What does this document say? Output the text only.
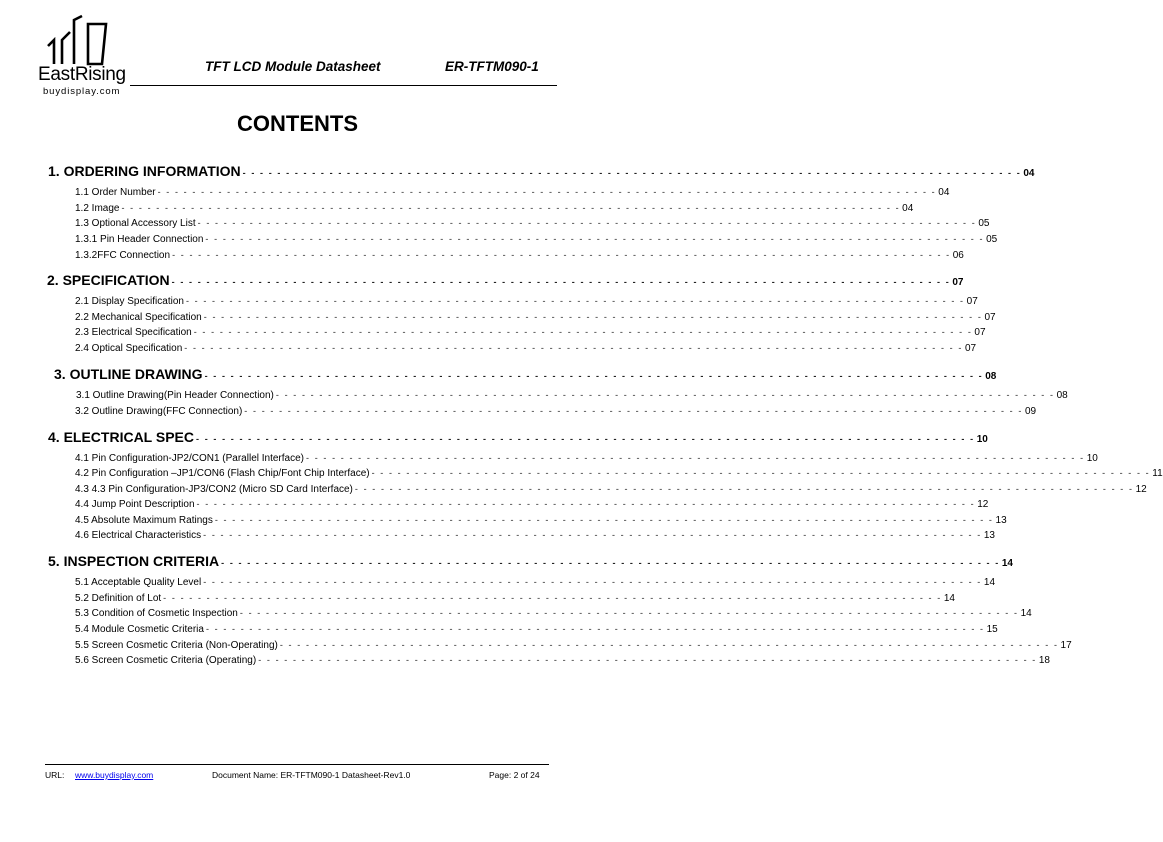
EastRising
buydisplay.com
TFT LCD Module Datasheet	ER-TFTM090-1
CONTENTS
1. ORDERING INFORMATION - - - - - - - - - - - - - - - - - - - - - - - - - - - - - - - - - - - - - - - - - - - - - - - - - - - - - - - - - - - - - - - - - - - - - - - - - - - - - - - - - - - - - - - - - - 04
1.1 Order Number - - - - - - - - - - - - - - - - - - - - - - - - - - - - - - - - - - - - - - - - - - - - - - - - - - - - - - - - - - - - - - - - - - - - - - - - - - - - - - - - - - - - - - - - - - 04
1.2 Image - - - - - - - - - - - - - - - - - - - - - - - - - - - - - - - - - - - - - - - - - - - - - - - - - - - - - - - - - - - - - - - - - - - - - - - - - - - - - - - - - - - - - - - - - - 04
1.3 Optional Accessory List - - - - - - - - - - - - - - - - - - - - - - - - - - - - - - - - - - - - - - - - - - - - - - - - - - - - - - - - - - - - - - - - - - - - - - - - - - - - - - - - - - - - - - - - - - 05
1.3.1 Pin Header Connection - - - - - - - - - - - - - - - - - - - - - - - - - - - - - - - - - - - - - - - - - - - - - - - - - - - - - - - - - - - - - - - - - - - - - - - - - - - - - - - - - - - - - - - - - - 05
1.3.2FFC Connection - - - - - - - - - - - - - - - - - - - - - - - - - - - - - - - - - - - - - - - - - - - - - - - - - - - - - - - - - - - - - - - - - - - - - - - - - - - - - - - - - - - - - - - - - - 06
2. SPECIFICATION - - - - - - - - - - - - - - - - - - - - - - - - - - - - - - - - - - - - - - - - - - - - - - - - - - - - - - - - - - - - - - - - - - - - - - - - - - - - - - - - - - - - - - - - - - 07
2.1 Display Specification - - - - - - - - - - - - - - - - - - - - - - - - - - - - - - - - - - - - - - - - - - - - - - - - - - - - - - - - - - - - - - - - - - - - - - - - - - - - - - - - - - - - - - - - - - 07
2.2 Mechanical Specification - - - - - - - - - - - - - - - - - - - - - - - - - - - - - - - - - - - - - - - - - - - - - - - - - - - - - - - - - - - - - - - - - - - - - - - - - - - - - - - - - - - - - - - - - - 07
2.3 Electrical Specification - - - - - - - - - - - - - - - - - - - - - - - - - - - - - - - - - - - - - - - - - - - - - - - - - - - - - - - - - - - - - - - - - - - - - - - - - - - - - - - - - - - - - - - - - - 07
2.4 Optical Specification - - - - - - - - - - - - - - - - - - - - - - - - - - - - - - - - - - - - - - - - - - - - - - - - - - - - - - - - - - - - - - - - - - - - - - - - - - - - - - - - - - - - - - - - - - 07
3. OUTLINE DRAWING - - - - - - - - - - - - - - - - - - - - - - - - - - - - - - - - - - - - - - - - - - - - - - - - - - - - - - - - - - - - - - - - - - - - - - - - - - - - - - - - - - - - - - - - - - 08
3.1 Outline Drawing(Pin Header Connection) - - - - - - - - - - - - - - - - - - - - - - - - - - - - - - - - - - - - - - - - - - - - - - - - - - - - - - - - - - - - - - - - - - - - - - - - - - - - - - - - - - - - - - - - - - 08
3.2 Outline Drawing(FFC Connection) - - - - - - - - - - - - - - - - - - - - - - - - - - - - - - - - - - - - - - - - - - - - - - - - - - - - - - - - - - - - - - - - - - - - - - - - - - - - - - - - - - - - - - - - - - 09
4. ELECTRICAL SPEC - - - - - - - - - - - - - - - - - - - - - - - - - - - - - - - - - - - - - - - - - - - - - - - - - - - - - - - - - - - - - - - - - - - - - - - - - - - - - - - - - - - - - - - - - - 10
4.1 Pin Configuration-JP2/CON1 (Parallel Interface) - - - - - - - - - - - - - - - - - - - - - - - - - - - - - - - - - - - - - - - - - - - - - - - - - - - - - - - - - - - - - - - - - - - - - - - - - - - - - - - - - - - - - - - - - - 10
4.2 Pin Configuration –JP1/CON6 (Flash Chip/Font Chip Interface) - - - - - - - - - - - - - - - - - - - - - - - - - - - - - - - - - - - - - - - - - - - - - - - - - - - - - - - - - - - - - - - - - - - - - - - - - - - - - - - - - - - - - - - - - - 11
4.3 4.3 Pin Configuration-JP3/CON2 (Micro SD Card Interface) - - - - - - - - - - - - - - - - - - - - - - - - - - - - - - - - - - - - - - - - - - - - - - - - - - - - - - - - - - - - - - - - - - - - - - - - - - - - - - - - - - - - - - - - - - 12
4.4 Jump Point Description - - - - - - - - - - - - - - - - - - - - - - - - - - - - - - - - - - - - - - - - - - - - - - - - - - - - - - - - - - - - - - - - - - - - - - - - - - - - - - - - - - - - - - - - - - 12
4.5 Absolute Maximum Ratings - - - - - - - - - - - - - - - - - - - - - - - - - - - - - - - - - - - - - - - - - - - - - - - - - - - - - - - - - - - - - - - - - - - - - - - - - - - - - - - - - - - - - - - - - - 13
4.6 Electrical Characteristics - - - - - - - - - - - - - - - - - - - - - - - - - - - - - - - - - - - - - - - - - - - - - - - - - - - - - - - - - - - - - - - - - - - - - - - - - - - - - - - - - - - - - - - - - - 13
5. INSPECTION CRITERIA - - - - - - - - - - - - - - - - - - - - - - - - - - - - - - - - - - - - - - - - - - - - - - - - - - - - - - - - - - - - - - - - - - - - - - - - - - - - - - - - - - - - - - - - - - 14
5.1 Acceptable Quality Level - - - - - - - - - - - - - - - - - - - - - - - - - - - - - - - - - - - - - - - - - - - - - - - - - - - - - - - - - - - - - - - - - - - - - - - - - - - - - - - - - - - - - - - - - - 14
5.2 Definition of Lot - - - - - - - - - - - - - - - - - - - - - - - - - - - - - - - - - - - - - - - - - - - - - - - - - - - - - - - - - - - - - - - - - - - - - - - - - - - - - - - - - - - - - - - - - - 14
5.3 Condition of Cosmetic Inspection - - - - - - - - - - - - - - - - - - - - - - - - - - - - - - - - - - - - - - - - - - - - - - - - - - - - - - - - - - - - - - - - - - - - - - - - - - - - - - - - - - - - - - - - - - 14
5.4 Module Cosmetic Criteria - - - - - - - - - - - - - - - - - - - - - - - - - - - - - - - - - - - - - - - - - - - - - - - - - - - - - - - - - - - - - - - - - - - - - - - - - - - - - - - - - - - - - - - - - - 15
5.5 Screen Cosmetic Criteria (Non-Operating) - - - - - - - - - - - - - - - - - - - - - - - - - - - - - - - - - - - - - - - - - - - - - - - - - - - - - - - - - - - - - - - - - - - - - - - - - - - - - - - - - - - - - - - - - - 17
5.6 Screen Cosmetic Criteria (Operating) - - - - - - - - - - - - - - - - - - - - - - - - - - - - - - - - - - - - - - - - - - - - - - - - - - - - - - - - - - - - - - - - - - - - - - - - - - - - - - - - - - - - - - - - - - 18
URL: www.buydisplay.com	Document Name: ER-TFTM090-1 Datasheet-Rev1.0	Page: 2 of 24
